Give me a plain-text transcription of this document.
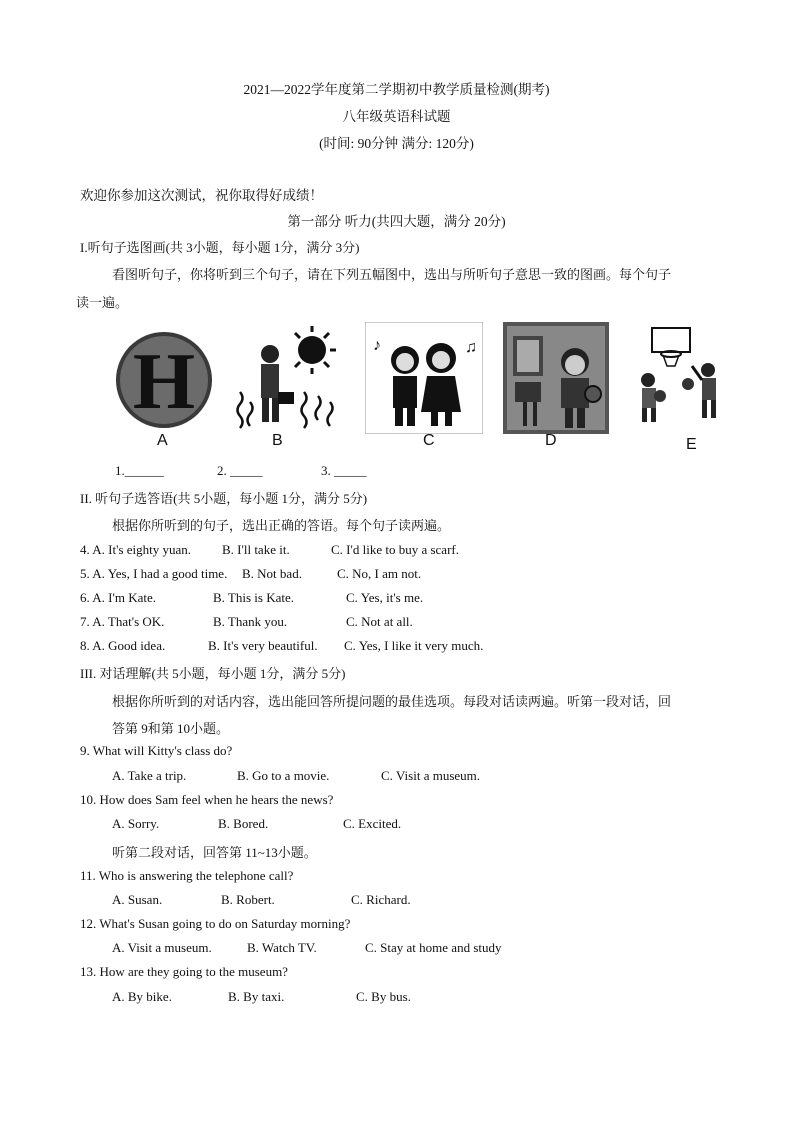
2021—2022学年度第二学期初中教学质量检测(期考)
八年级英语科试题
(时间: 90分钟 满分: 120分)
欢迎你参加这次测试，祝你取得好成绩！
第一部分 听力(共四大题，满分 20分)
I.听句子选图画(共 3小题，每小题 1分，满分 3分)
看图听句子，你将听到三个句子，请在下列五幅图中，选出与所听句子意思一致的图画。每个句子
读一遍。
H	♪	♫
A	B	C	D	E
1.______	2. _____	3. _____
II. 听句子选答语(共 5小题，每小题 1分，满分 5分)
根据你所听到的句子，选出正确的答语。每个句子读两遍。
4. A. It's eighty yuan. B. I'll take it.	C. I'd like to buy a scarf.
5. A. Yes, I had a good time. B. Not bad.	C. No, I am not.
6. A. I'm Kate.	B. This is Kate.	C. Yes, it's me.
7. A. That's OK.	B. Thank you.	C. Not at all.
8. A. Good idea.	B. It's very beautiful. C. Yes, I like it very much.
III. 对话理解(共 5小题，每小题 1分，满分 5分)
根据你所听到的对话内容，选出能回答所提问题的最佳选项。每段对话读两遍。听第一段对话，回
答第 9和第 10小题。
9. What will Kitty's class do?
A. Take a trip.	B. Go to a movie.	C. Visit a museum.
10. How does Sam feel when he hears the news?
A. Sorry.	B. Bored.	C. Excited.
听第二段对话，回答第 11~13小题。
11. Who is answering the telephone call?
A. Susan.	B. Robert.	C. Richard.
12. What's Susan going to do on Saturday morning?
A. Visit a museum.	B. Watch TV.	C. Stay at home and study
13. How are they going to the museum?
A. By bike.	B. By taxi.	C. By bus.
